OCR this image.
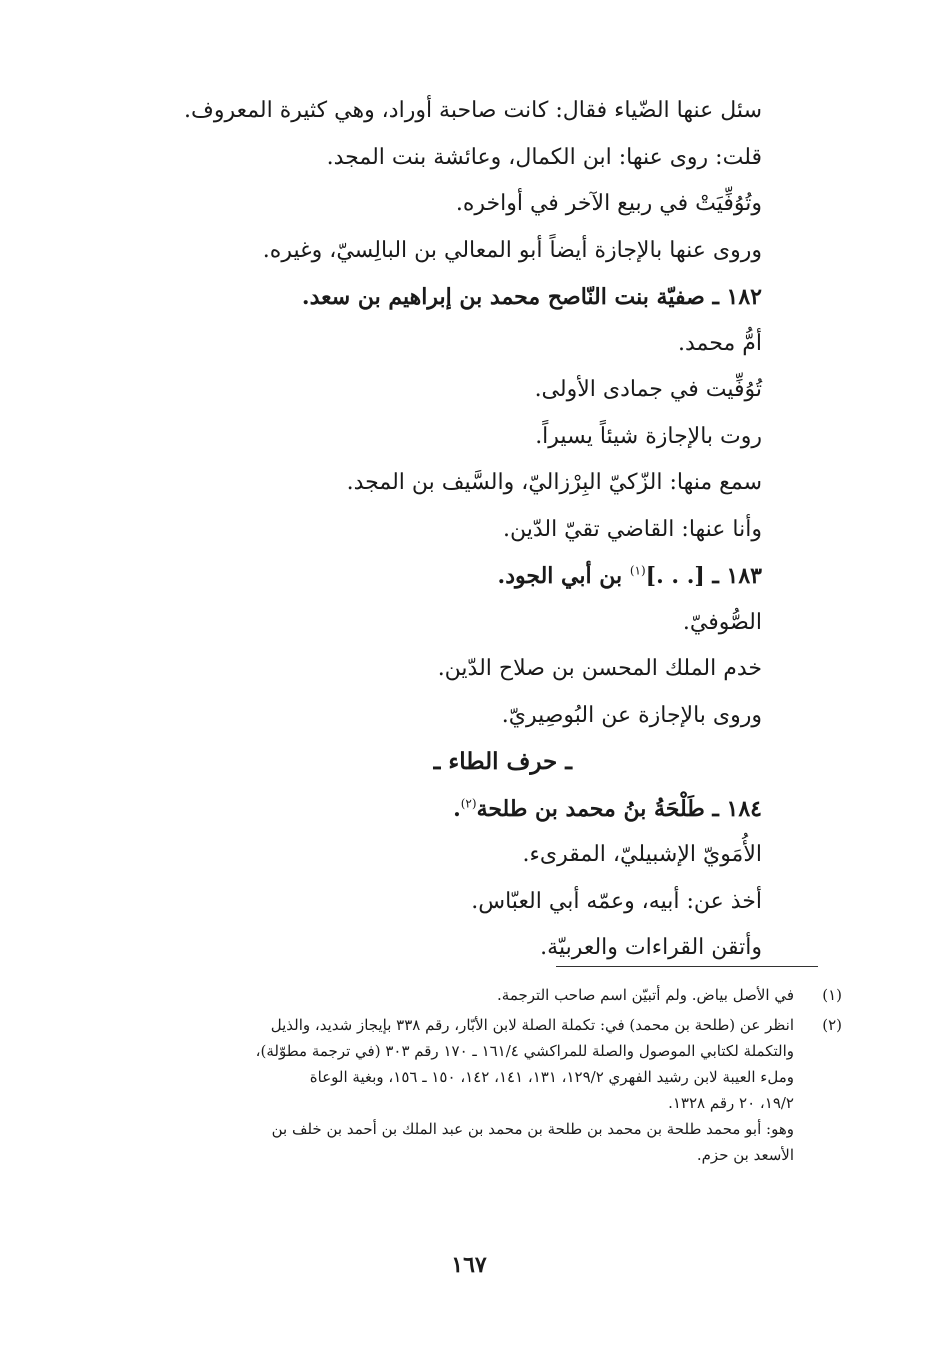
سئل عنها الضّياء فقال: كانت صاحبة أوراد، وهي كثيرة المعروف.
قلت: روى عنها: ابن الكمال، وعائشة بنت المجد.
وتُوُفِّيَتْ في ربيع الآخر في أواخره.
وروى عنها بالإجازة أيضاً أبو المعالي بن البالِسيّ، وغيره.
١٨٢ ـ صفيّة بنت النّاصح محمد بن إبراهيم بن سعد.
أمُّ محمد.
تُوُفِّيت في جمادى الأولى.
روت بالإجازة شيئاً يسيراً.
سمع منها: الزّكيّ البِرْزاليّ، والسَّيف بن المجد.
وأنا عنها: القاضي تقيّ الدّين.
١٨٣ ـ [. . .]$^{(١)}$ بن أبي الجود.
الصُّوفيّ.
خدم الملك المحسن بن صلاح الدّين.
وروى بالإجازة عن البُوصِيريّ.
ـ حرف الطاء ـ
١٨٤ ـ طَلْحَةُ بنُ محمد بن طلحة$^{(٢)}$.
الأُمَويّ الإشبيليّ، المقرىء.
أخذ عن: أبيه، وعمّه أبي العبّاس.
وأتقن القراءات والعربيّة.
(١)
في الأصل بياض. ولم أتبيّن اسم صاحب الترجمة.
(٢)
انظر عن (طلحة بن محمد) في: تكملة الصلة لابن الأبّار، رقم ٣٣٨ بإيجاز شديد، والذيل
والتكملة لكتابي الموصول والصلة للمراكشي ١٦١/٤ ـ ١٧٠ رقم ٣٠٣ (في ترجمة مطوّلة)،
وملء العيبة لابن رشيد الفهري ١٢٩/٢، ١٣١، ١٤١، ١٤٢، ١٥٠ ـ ١٥٦، وبغية الوعاة
١٩/٢، ٢٠ رقم ١٣٢٨.
وهو: أبو محمد طلحة بن محمد بن طلحة بن محمد بن عبد الملك بن أحمد بن خلف بن
الأسعد بن حزم.
١٦٧
